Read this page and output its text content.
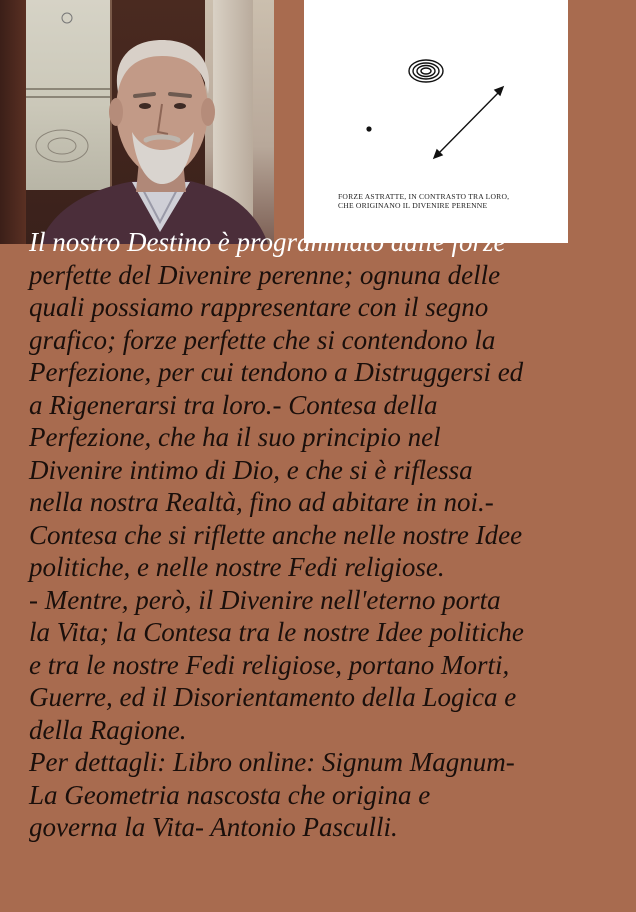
FORZE ASTRATTE, IN CONTRASTO TRA LORO,
CHE ORIGINANO IL DIVENIRE PERENNE
Il nostro Destino è programmato dalle forze
perfette del Divenire perenne; ognuna delle
quali possiamo rappresentare con il segno
grafico; forze perfette che si contendono la
Perfezione, per cui tendono a Distruggersi ed
a Rigenerarsi tra loro.- Contesa della
Perfezione, che ha il suo principio nel
Divenire intimo di Dio, e che si è riflessa
nella nostra Realtà, fino ad abitare in noi.-
Contesa che si riflette anche nelle nostre Idee
politiche, e nelle nostre Fedi religiose.
- Mentre, però, il Divenire nell'eterno porta
la Vita; la Contesa tra le nostre Idee politiche
e tra le nostre Fedi religiose, portano Morti,
Guerre, ed il Disorientamento della Logica e
della Ragione.
Per dettagli: Libro online: Signum Magnum-
La Geometria nascosta che origina e
governa la Vita- Antonio Pasculli.
